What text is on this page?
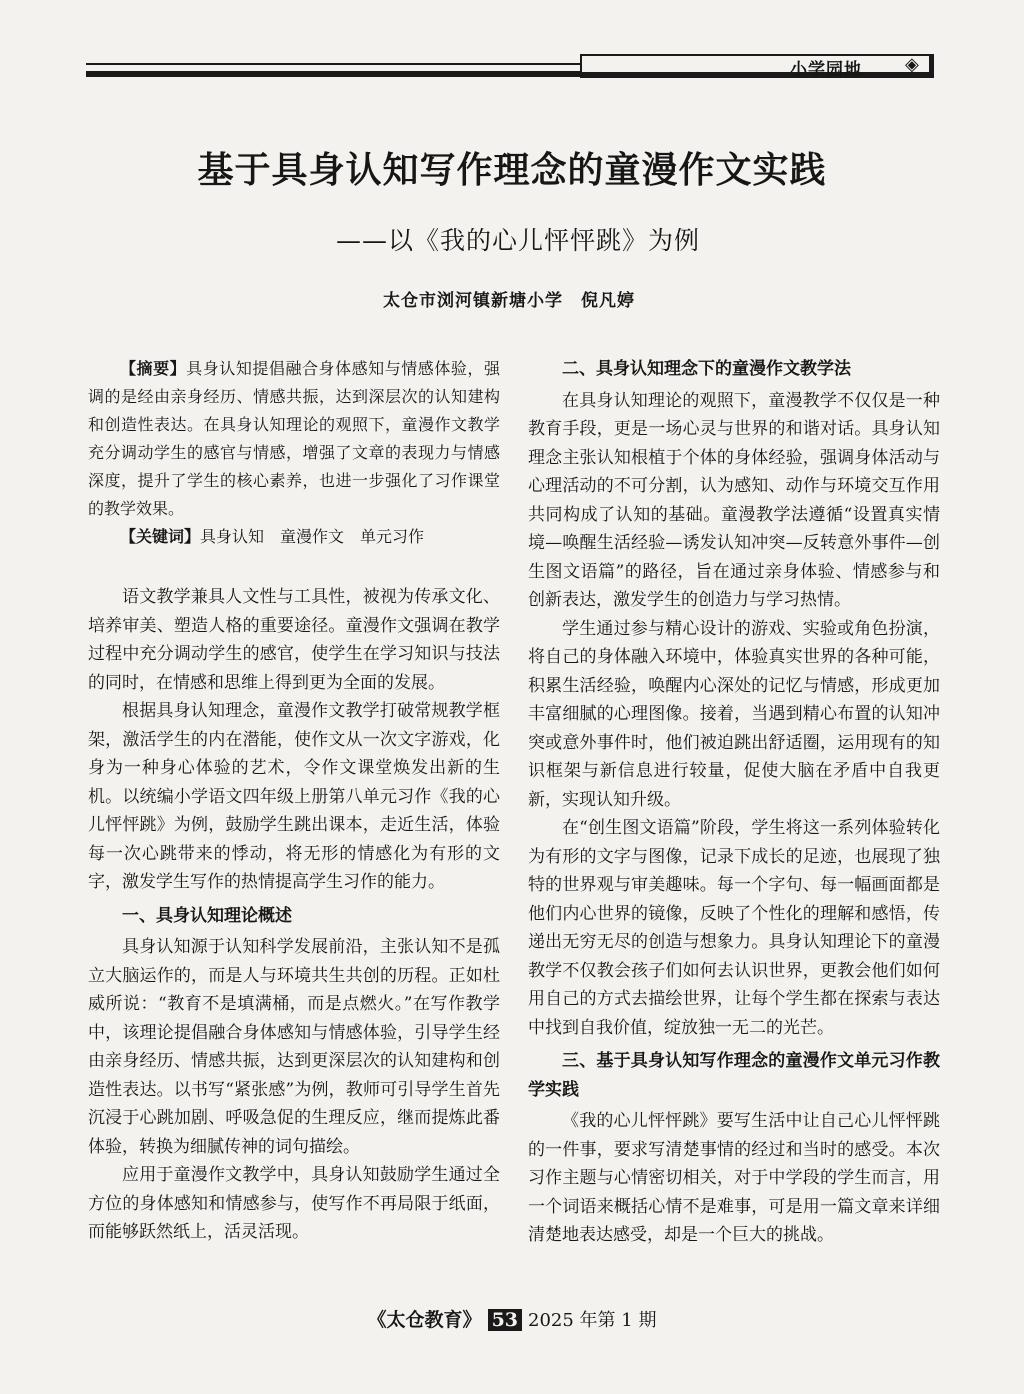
小学园地 ◈
基于具身认知写作理念的童漫作文实践
——以《我的心儿怦怦跳》为例
太仓市浏河镇新塘小学 倪凡婷

【摘要】具身认知提倡融合身体感知与情感体验，强调的是经由亲身经历、情感共振，达到深层次的认知建构和创造性表达。在具身认知理论的观照下，童漫作文教学充分调动学生的感官与情感，增强了文章的表现力与情感深度，提升了学生的核心素养，也进一步强化了习作课堂的教学效果。

【关键词】具身认知　童漫作文　单元习作

语文教学兼具人文性与工具性，被视为传承文化、培养审美、塑造人格的重要途径。童漫作文强调在教学过程中充分调动学生的感官，使学生在学习知识与技法的同时，在情感和思维上得到更为全面的发展。

根据具身认知理念，童漫作文教学打破常规教学框架，激活学生的内在潜能，使作文从一次文字游戏，化身为一种身心体验的艺术，令作文课堂焕发出新的生机。以统编小学语文四年级上册第八单元习作《我的心儿怦怦跳》为例，鼓励学生跳出课本，走近生活，体验每一次心跳带来的悸动，将无形的情感化为有形的文字，激发学生写作的热情提高学生习作的能力。

一、具身认知理论概述

具身认知源于认知科学发展前沿，主张认知不是孤立大脑运作的，而是人与环境共生共创的历程。正如杜威所说：“教育不是填满桶，而是点燃火。”在写作教学中，该理论提倡融合身体感知与情感体验，引导学生经由亲身经历、情感共振，达到更深层次的认知建构和创造性表达。以书写“紧张感”为例，教师可引导学生首先沉浸于心跳加剧、呼吸急促的生理反应，继而提炼此番体验，转换为细腻传神的词句描绘。

应用于童漫作文教学中，具身认知鼓励学生通过全方位的身体感知和情感参与，使写作不再局限于纸面，而能够跃然纸上，活灵活现。

二、具身认知理念下的童漫作文教学法

在具身认知理论的观照下，童漫教学不仅仅是一种教育手段，更是一场心灵与世界的和谐对话。具身认知理念主张认知根植于个体的身体经验，强调身体活动与心理活动的不可分割，认为感知、动作与环境交互作用共同构成了认知的基础。童漫教学法遵循“设置真实情境—唤醒生活经验—诱发认知冲突—反转意外事件—创生图文语篇”的路径，旨在通过亲身体验、情感参与和创新表达，激发学生的创造力与学习热情。

学生通过参与精心设计的游戏、实验或角色扮演，将自己的身体融入环境中，体验真实世界的各种可能，积累生活经验，唤醒内心深处的记忆与情感，形成更加丰富细腻的心理图像。接着，当遇到精心布置的认知冲突或意外事件时，他们被迫跳出舒适圈，运用现有的知识框架与新信息进行较量，促使大脑在矛盾中自我更新，实现认知升级。

在“创生图文语篇”阶段，学生将这一系列体验转化为有形的文字与图像，记录下成长的足迹，也展现了独特的世界观与审美趣味。每一个字句、每一幅画面都是他们内心世界的镜像，反映了个性化的理解和感悟，传递出无穷无尽的创造与想象力。具身认知理论下的童漫教学不仅教会孩子们如何去认识世界，更教会他们如何用自己的方式去描绘世界，让每个学生都在探索与表达中找到自我价值，绽放独一无二的光芒。

三、基于具身认知写作理念的童漫作文单元习作教学实践

《我的心儿怦怦跳》要写生活中让自己心儿怦怦跳的一件事，要求写清楚事情的经过和当时的感受。本次习作主题与心情密切相关，对于中学段的学生而言，用一个词语来概括心情不是难事，可是用一篇文章来详细清楚地表达感受，却是一个巨大的挑战。

《太仓教育》 53 2025 年第 1 期
